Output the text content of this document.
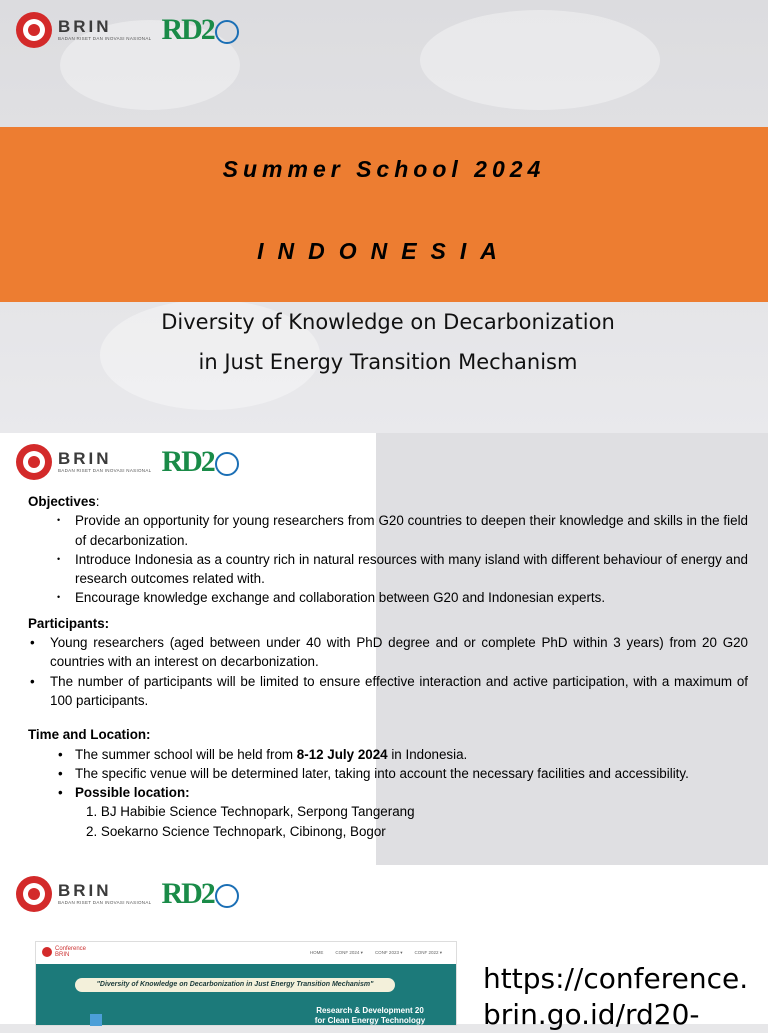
BRIN
BADAN RISET DAN INOVASI NASIONAL RD2
Summer School 2024
INDONESIA
Diversity of Knowledge on Decarbonization
in Just Energy Transition Mechanism
BRIN
BADAN RISET DAN INOVASI NASIONAL RD2
Objectives:
• Provide an opportunity for young researchers from G20 countries to deepen their knowledge and skills in the field of decarbonization.
• Introduce Indonesia as a country rich in natural resources with many island with different behaviour of energy and research outcomes related with.
• Encourage knowledge exchange and collaboration between G20 and Indonesian experts.
Participants:
• Young researchers (aged between under 40 with PhD degree and or complete PhD within 3 years) from 20 G20 countries with an interest on decarbonization.
• The number of participants will be limited to ensure effective interaction and active participation, with a maximum of 100 participants.
Time and Location:
• The summer school will be held from 8-12 July 2024 in Indonesia.
• The specific venue will be determined later, taking into account the necessary facilities and accessibility.
• Possible location:
1. BJ Habibie Science Technopark, Serpong Tangerang
2. Soekarno Science Technopark, Cibinong, Bogor
BRIN
BADAN RISET DAN INOVASI NASIONAL RD2
Conference
BRIN	HOME	CONF 2024 ▾	CONF 2023 ▾	CONF 2022 ▾
"Diversity of Knowledge on Decarbonization in Just Energy Transition Mechanism"
Research & Development 20
for Clean Energy Technology
https://conference.
brin.go.id/rd20-
